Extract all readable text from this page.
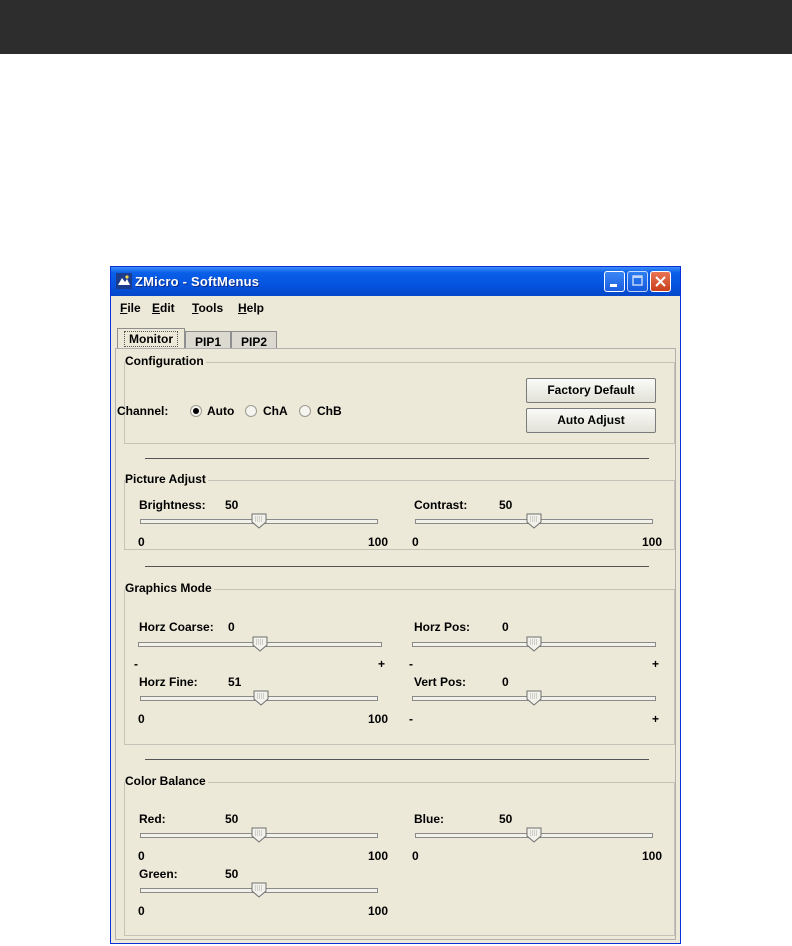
ZMicro - SoftMenus
File Edit Tools Help
Monitor	PIP1	PIP2
Configuration
Channel:	Auto ChA ChB
Factory Default
Auto Adjust
Picture Adjust
Brightness: 50
0	100
Contrast:	50
0	100
Graphics Mode
Horz Coarse: 0
-	+
Horz Pos:	0
-	+
Horz Fine:	51
0	100
Vert Pos:	0
-	+
Color Balance
Red:	50
0	100
Blue:	50
0	100
Green:	50
0	100
